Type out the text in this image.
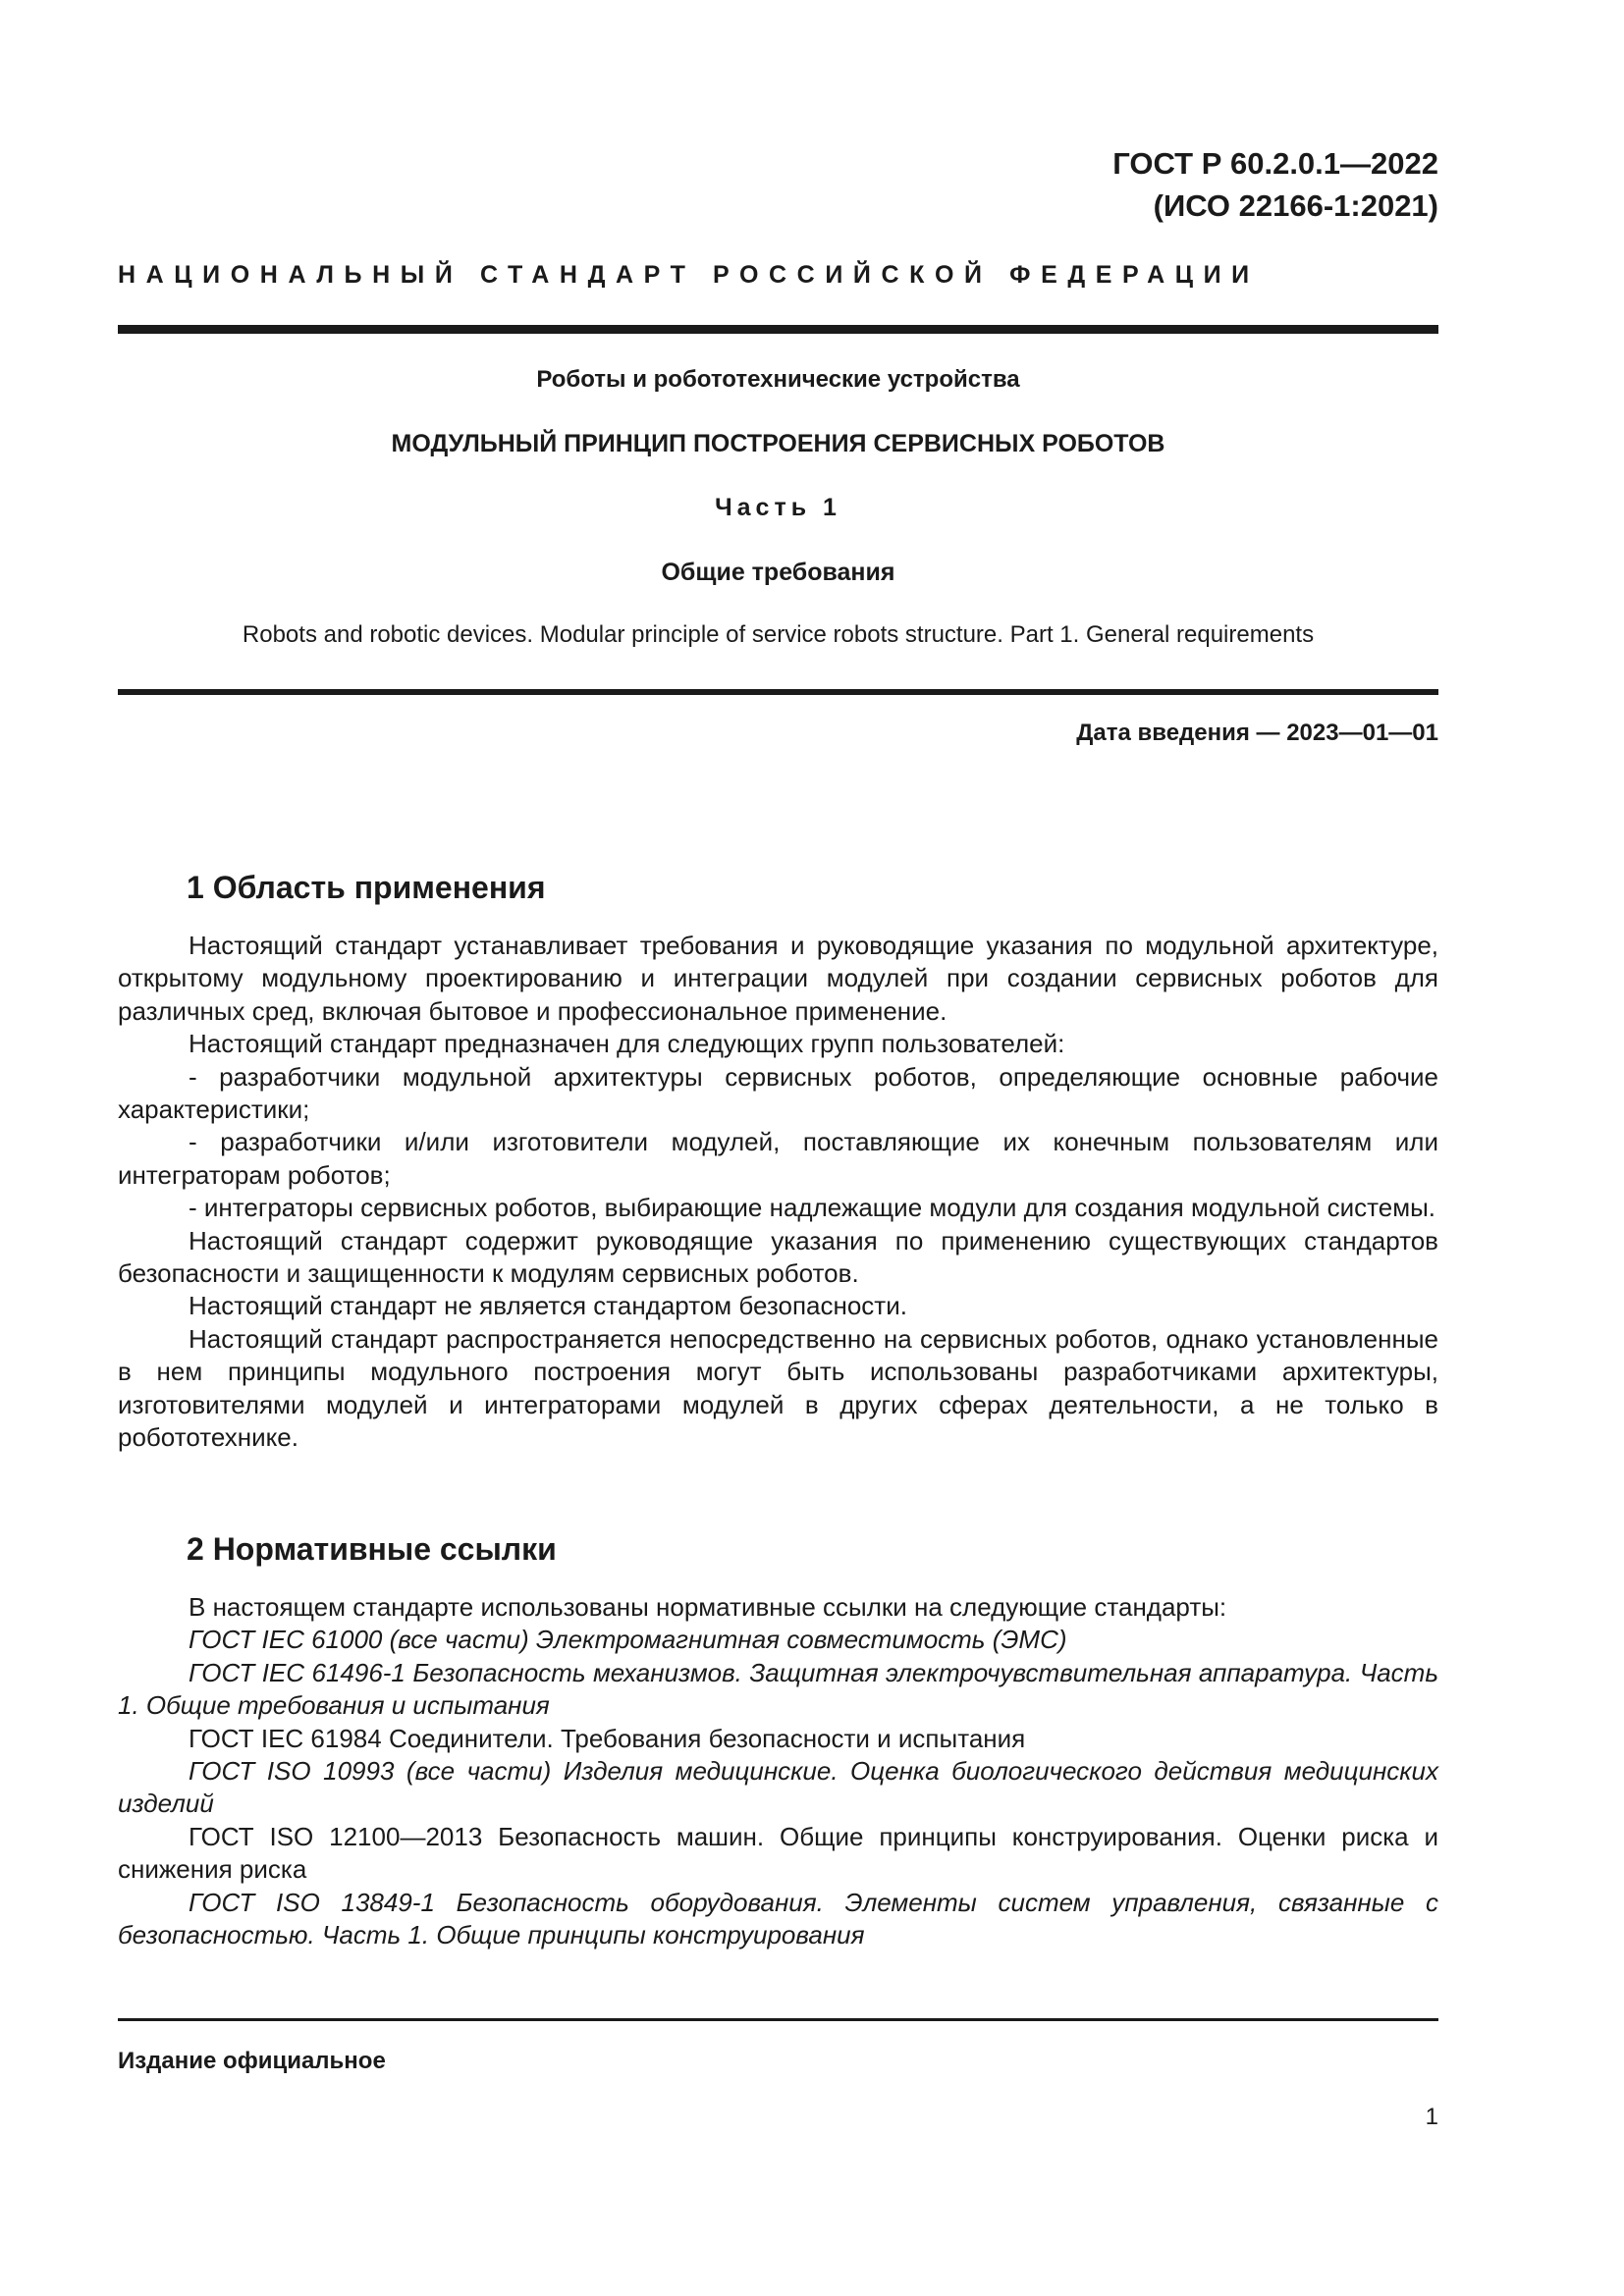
ГОСТ Р 60.2.0.1—2022
(ИСО 22166-1:2021)
НАЦИОНАЛЬНЫЙ СТАНДАРТ РОССИЙСКОЙ ФЕДЕРАЦИИ
Роботы и робототехнические устройства
МОДУЛЬНЫЙ ПРИНЦИП ПОСТРОЕНИЯ СЕРВИСНЫХ РОБОТОВ
Часть 1
Общие требования
Robots and robotic devices. Modular principle of service robots structure. Part 1. General requirements
Дата введения — 2023—01—01
1 Область применения

Настоящий стандарт устанавливает требования и руководящие указания по модульной архитектуре, открытому модульному проектированию и интеграции модулей при создании сервисных роботов для различных сред, включая бытовое и профессиональное применение.

Настоящий стандарт предназначен для следующих групп пользователей:

- разработчики модульной архитектуры сервисных роботов, определяющие основные рабочие характеристики;

- разработчики и/или изготовители модулей, поставляющие их конечным пользователям или интеграторам роботов;

- интеграторы сервисных роботов, выбирающие надлежащие модули для создания модульной системы.

Настоящий стандарт содержит руководящие указания по применению существующих стандартов безопасности и защищенности к модулям сервисных роботов.

Настоящий стандарт не является стандартом безопасности.

Настоящий стандарт распространяется непосредственно на сервисных роботов, однако установленные в нем принципы модульного построения могут быть использованы разработчиками архитектуры, изготовителями модулей и интеграторами модулей в других сферах деятельности, а не только в робототехнике.

2 Нормативные ссылки

В настоящем стандарте использованы нормативные ссылки на следующие стандарты:

ГОСТ IEC 61000 (все части) Электромагнитная совместимость (ЭМС)

ГОСТ IEC 61496-1 Безопасность механизмов. Защитная электрочувствительная аппаратура. Часть 1. Общие требования и испытания

ГОСТ IEC 61984 Соединители. Требования безопасности и испытания

ГОСТ ISO 10993 (все части) Изделия медицинские. Оценка биологического действия медицинских изделий

ГОСТ ISO 12100—2013 Безопасность машин. Общие принципы конструирования. Оценки риска и снижения риска

ГОСТ ISO 13849-1 Безопасность оборудования. Элементы систем управления, связанные с безопасностью. Часть 1. Общие принципы конструирования

Издание официальное
1
